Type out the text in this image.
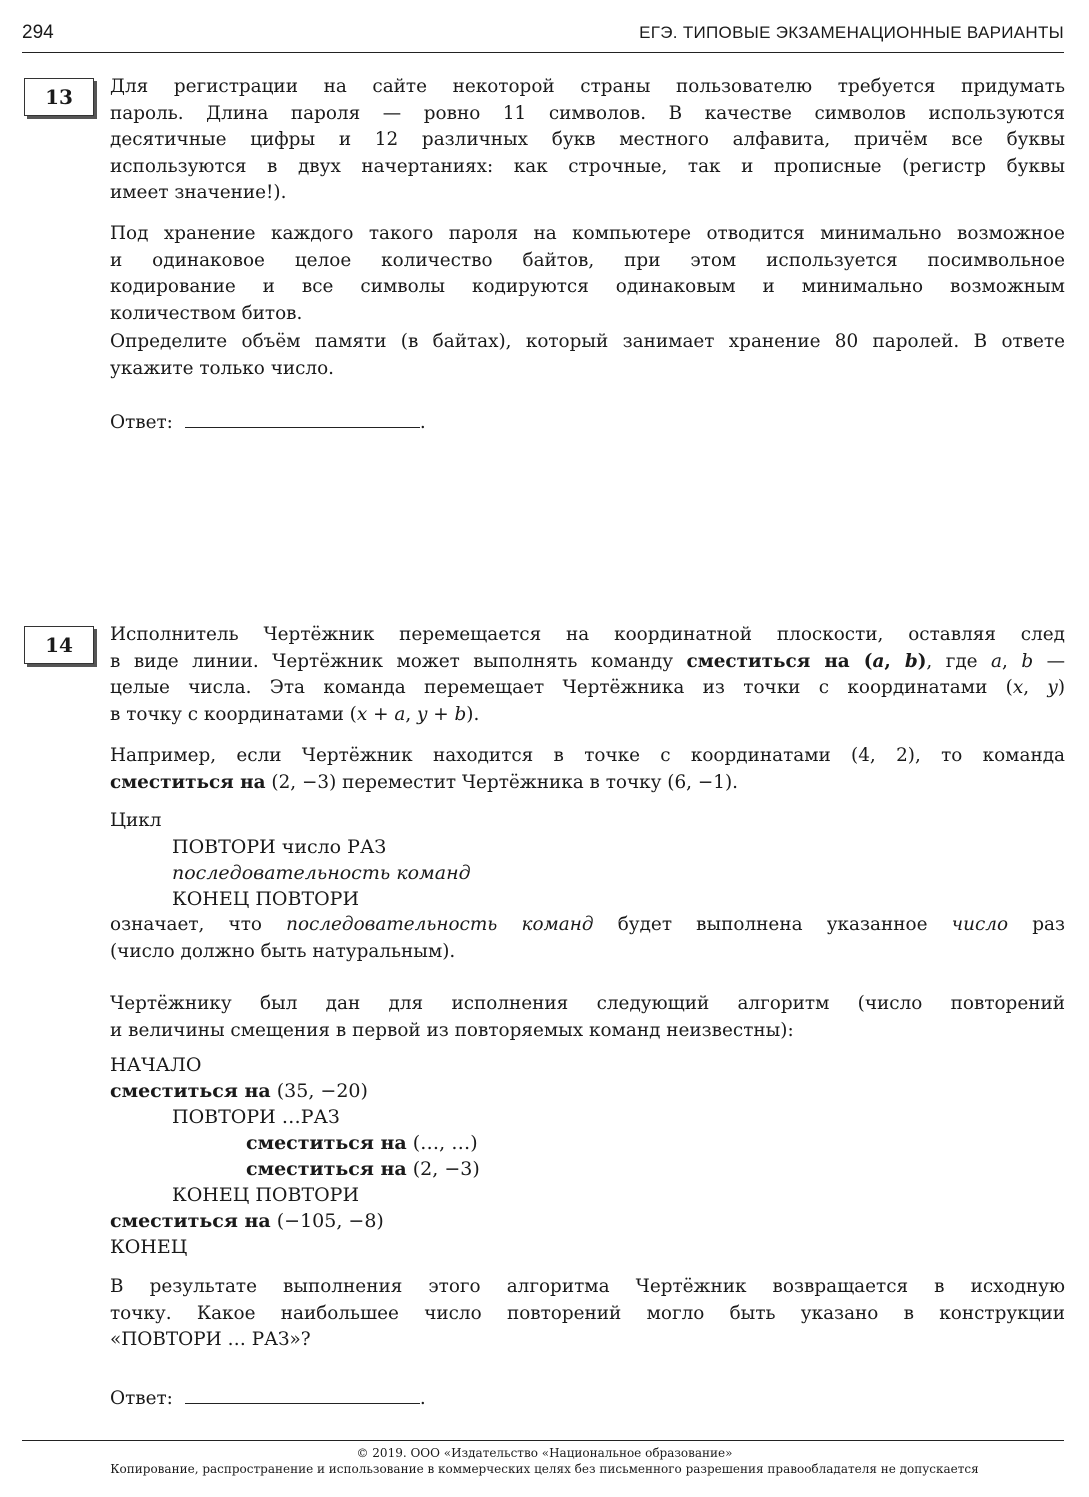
294	ЕГЭ. ТИПОВЫЕ ЭКЗАМЕНАЦИОННЫЕ ВАРИАНТЫ
13 Для регистрации на сайте некоторой страны пользователю требуется придумать
пароль. Длина пароля — ровно 11 символов. В качестве символов используются
десятичные цифры и 12 различных букв местного алфавита, причём все буквы
используются в двух начертаниях: как строчные, так и прописные (регистр буквы
имеет значение!).
Под хранение каждого такого пароля на компьютере отводится минимально возможное
и одинаковое целое количество байтов, при этом используется посимвольное
кодирование и все символы кодируются одинаковым и минимально возможным
количеством битов.
Определите объём памяти (в байтах), который занимает хранение 80 паролей. В ответе
укажите только число.
Ответ:	.
14 Исполнитель Чертёжник перемещается на координатной плоскости, оставляя след
в виде линии. Чертёжник может выполнять команду сместиться на (a, b), где a, b —
целые числа. Эта команда перемещает Чертёжника из точки с координатами (x, y)
в точку с координатами (x + a, y + b).
Например, если Чертёжник находится в точке с координатами (4, 2), то команда
сместиться на (2, −3) переместит Чертёжника в точку (6, −1).
Цикл
ПОВТОРИ число РАЗ
последовательность команд
КОНЕЦ ПОВТОРИ
означает, что последовательность команд будет выполнена указанное число раз
(число должно быть натуральным).
Чертёжнику был дан для исполнения следующий алгоритм (число повторений
и величины смещения в первой из повторяемых команд неизвестны):
НАЧАЛО
сместиться на (35, −20)
ПОВТОРИ …РАЗ
сместиться на (…, …)
сместиться на (2, −3)
КОНЕЦ ПОВТОРИ
сместиться на (−105, −8)
КОНЕЦ
В результате выполнения этого алгоритма Чертёжник возвращается в исходную
точку. Какое наибольшее число повторений могло быть указано в конструкции
«ПОВТОРИ … РАЗ»?
Ответ:	.
© 2019. ООО «Издательство «Национальное образование»
Копирование, распространение и использование в коммерческих целях без письменного разрешения правообладателя не допускается
